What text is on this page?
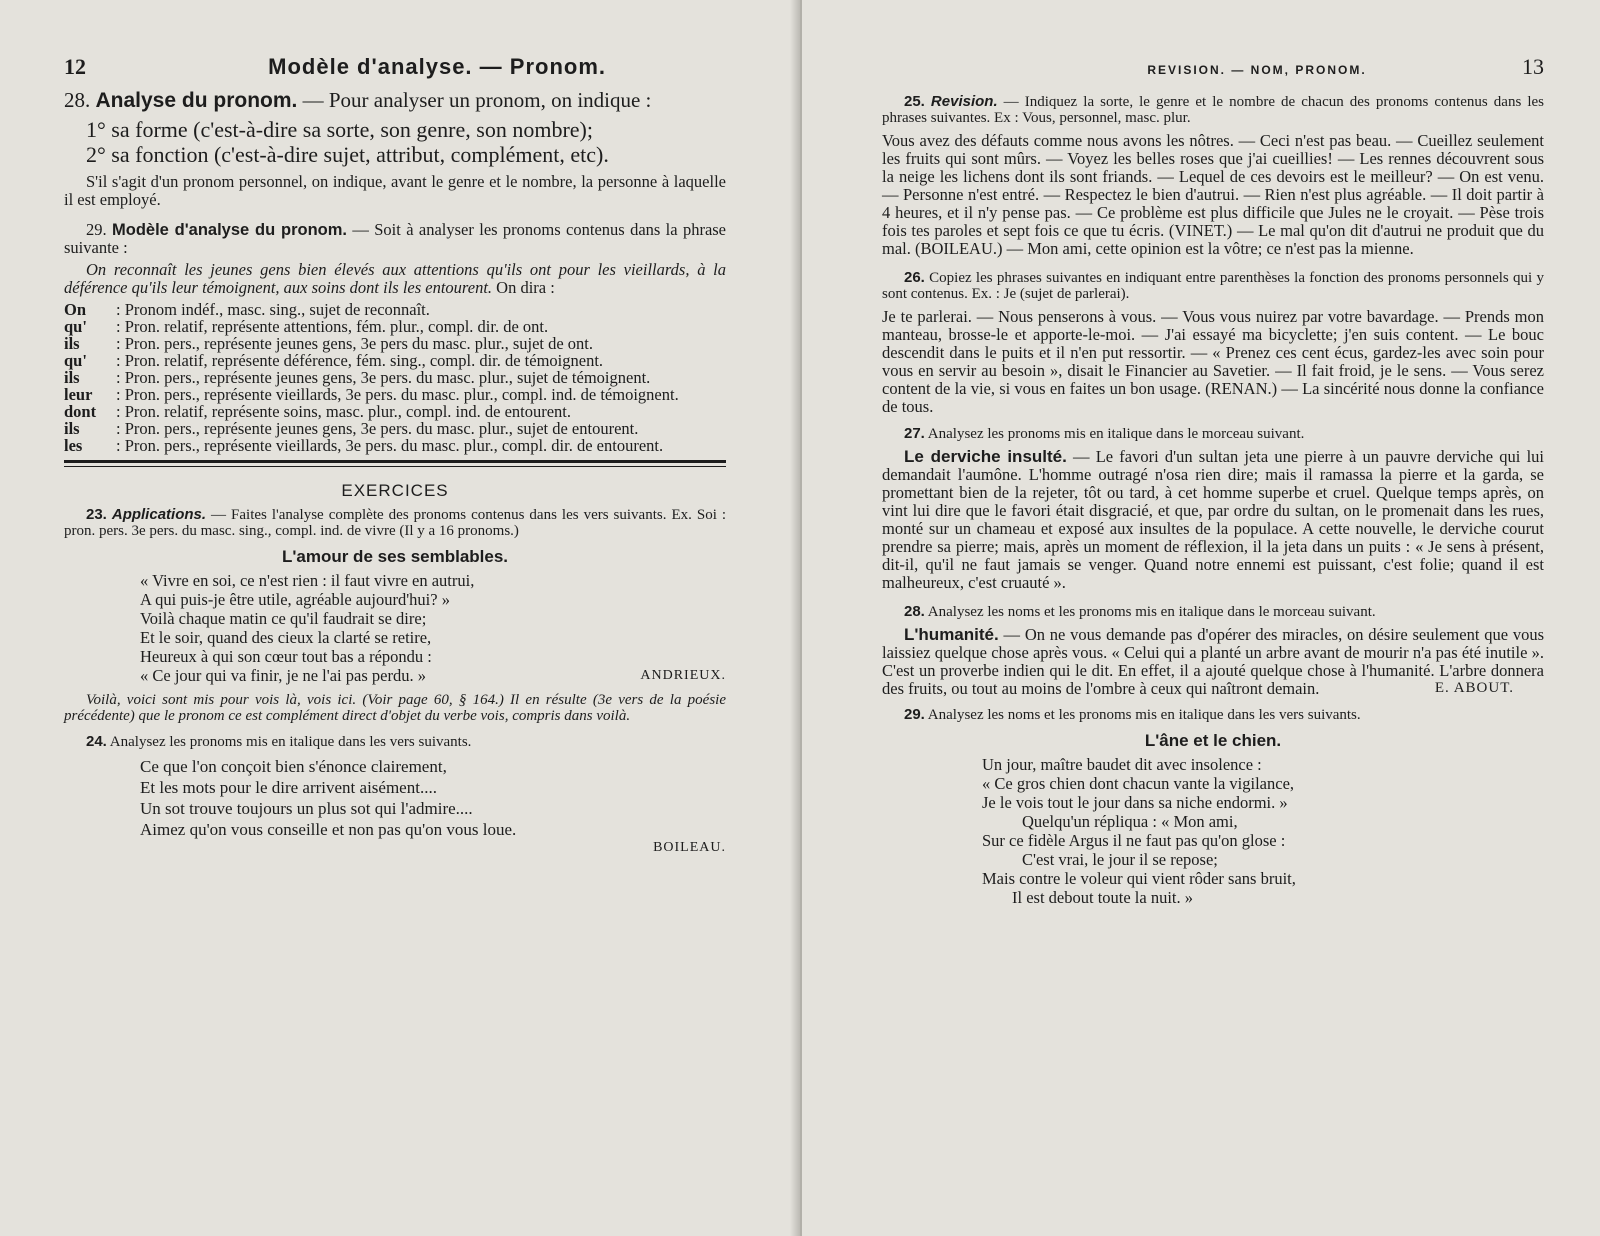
12	Modèle d'analyse. — Pronom.

28. Analyse du pronom. — Pour analyser un pronom, on indique :

1° sa forme (c'est-à-dire sa sorte, son genre, son nombre);

2° sa fonction (c'est-à-dire sujet, attribut, complément, etc).

S'il s'agit d'un pronom personnel, on indique, avant le genre et le nombre, la personne à laquelle il est employé.

29. Modèle d'analyse du pronom. — Soit à analyser les pronoms contenus dans la phrase suivante :

On reconnaît les jeunes gens bien élevés aux attentions qu'ils ont pour les vieillards, à la déférence qu'ils leur témoignent, aux soins dont ils les entourent. On dira :

On	: Pronom indéf., masc. sing., sujet de reconnaît.
qu'	: Pron. relatif, représente attentions, fém. plur., compl. dir. de ont.
ils	: Pron. pers., représente jeunes gens, 3e pers du masc. plur., sujet de ont.
qu'	: Pron. relatif, représente déférence, fém. sing., compl. dir. de témoignent.
ils	: Pron. pers., représente jeunes gens, 3e pers. du masc. plur., sujet de témoignent.
leur	: Pron. pers., représente vieillards, 3e pers. du masc. plur., compl. ind. de témoignent.
dont	: Pron. relatif, représente soins, masc. plur., compl. ind. de entourent.
ils	: Pron. pers., représente jeunes gens, 3e pers. du masc. plur., sujet de entourent.
les	: Pron. pers., représente vieillards, 3e pers. du masc. plur., compl. dir. de entourent.
EXERCICES

23. Applications. — Faites l'analyse complète des pronoms contenus dans les vers suivants. Ex. Soi : pron. pers. 3e pers. du masc. sing., compl. ind. de vivre (Il y a 16 pronoms.)

L'amour de ses semblables.

« Vivre en soi, ce n'est rien : il faut vivre en autrui,
A qui puis-je être utile, agréable aujourd'hui? »
Voilà chaque matin ce qu'il faudrait se dire;
Et le soir, quand des cieux la clarté se retire,
Heureux à qui son cœur tout bas a répondu :
« Ce jour qui va finir, je ne l'ai pas perdu. »	ANDRIEUX.

Voilà, voici sont mis pour vois là, vois ici. (Voir page 60, § 164.) Il en résulte (3e vers de la poésie précédente) que le pronom ce est complément direct d'objet du verbe vois, compris dans voilà.

24. Analysez les pronoms mis en italique dans les vers suivants.

Ce que l'on conçoit bien s'énonce clairement,
Et les mots pour le dire arrivent aisément....
Un sot trouve toujours un plus sot qui l'admire....
Aimez qu'on vous conseille et non pas qu'on vous loue.

BOILEAU.

REVISION. — NOM, PRONOM.	13

25. Revision. — Indiquez la sorte, le genre et le nombre de chacun des pronoms contenus dans les phrases suivantes. Ex : Vous, personnel, masc. plur.

Vous avez des défauts comme nous avons les nôtres. — Ceci n'est pas beau. — Cueillez seulement les fruits qui sont mûrs. — Voyez les belles roses que j'ai cueillies! — Les rennes découvrent sous la neige les lichens dont ils sont friands. — Lequel de ces devoirs est le meilleur? — On est venu. — Personne n'est entré. — Respectez le bien d'autrui. — Rien n'est plus agréable. — Il doit partir à 4 heures, et il n'y pense pas. — Ce problème est plus difficile que Jules ne le croyait. — Pèse trois fois tes paroles et sept fois ce que tu écris. (VINET.) — Le mal qu'on dit d'autrui ne produit que du mal. (BOILEAU.) — Mon ami, cette opinion est la vôtre; ce n'est pas la mienne.

26. Copiez les phrases suivantes en indiquant entre parenthèses la fonction des pronoms personnels qui y sont contenus. Ex. : Je (sujet de parlerai).

Je te parlerai. — Nous penserons à vous. — Vous vous nuirez par votre bavardage. — Prends mon manteau, brosse-le et apporte-le-moi. — J'ai essayé ma bicyclette; j'en suis content. — Le bouc descendit dans le puits et il n'en put ressortir. — « Prenez ces cent écus, gardez-les avec soin pour vous en servir au besoin », disait le Financier au Savetier. — Il fait froid, je le sens. — Vous serez content de la vie, si vous en faites un bon usage. (RENAN.) — La sincérité nous donne la confiance de tous.

27. Analysez les pronoms mis en italique dans le morceau suivant.

Le derviche insulté. — Le favori d'un sultan jeta une pierre à un pauvre derviche qui lui demandait l'aumône. L'homme outragé n'osa rien dire; mais il ramassa la pierre et la garda, se promettant bien de la rejeter, tôt ou tard, à cet homme superbe et cruel. Quelque temps après, on vint lui dire que le favori était disgracié, et que, par ordre du sultan, on le promenait dans les rues, monté sur un chameau et exposé aux insultes de la populace. A cette nouvelle, le derviche courut prendre sa pierre; mais, après un moment de réflexion, il la jeta dans un puits : « Je sens à présent, dit-il, qu'il ne faut jamais se venger. Quand notre ennemi est puissant, c'est folie; quand il est malheureux, c'est cruauté ».

28. Analysez les noms et les pronoms mis en italique dans le morceau suivant.

L'humanité. — On ne vous demande pas d'opérer des miracles, on désire seulement que vous laissiez quelque chose après vous. « Celui qui a planté un arbre avant de mourir n'a pas été inutile ». C'est un proverbe indien qui le dit. En effet, il a ajouté quelque chose à l'humanité. L'arbre donnera des fruits, ou tout au moins de l'ombre à ceux qui naîtront demain.	E. ABOUT.

29. Analysez les noms et les pronoms mis en italique dans les vers suivants.

L'âne et le chien.

Un jour, maître baudet dit avec insolence :
« Ce gros chien dont chacun vante la vigilance,
Je le vois tout le jour dans sa niche endormi. »
Quelqu'un répliqua : « Mon ami,
Sur ce fidèle Argus il ne faut pas qu'on glose :
C'est vrai, le jour il se repose;
Mais contre le voleur qui vient rôder sans bruit,
Il est debout toute la nuit. »
